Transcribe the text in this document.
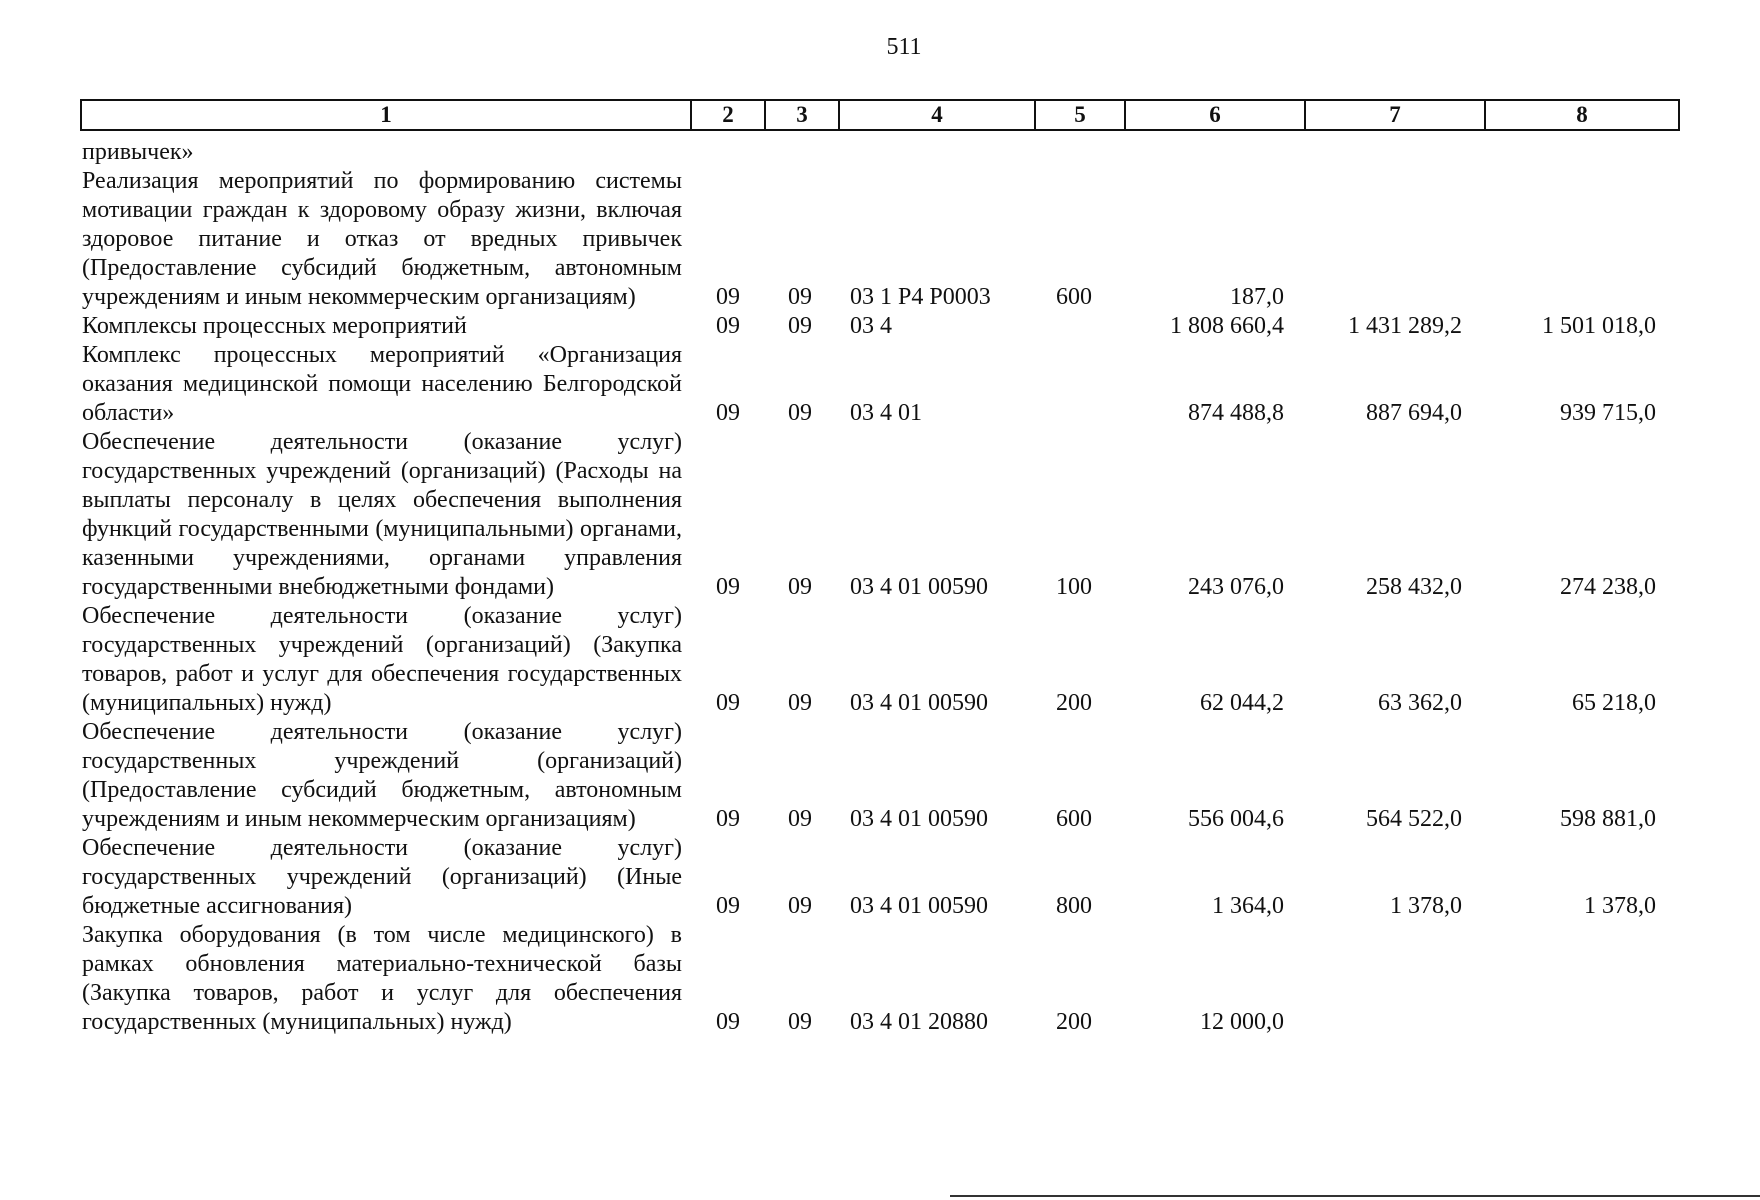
511
1	2	3	4	5	6	7	8
привычек»							
Реализация мероприятий по формированию системы мотивации граждан к здоровому образу жизни, включая здоровое питание и отказ от вредных привычек (Предоставление субсидий бюджетным, автономным учреждениям и иным некоммерческим организациям)	09	09	03 1 Р4 Р0003	600	187,0		
Комплексы процессных мероприятий	09	09	03 4		1 808 660,4	1 431 289,2	1 501 018,0
Комплекс процессных мероприятий «Организация оказания медицинской помощи населению Белгородской области»	09	09	03 4 01		874 488,8	887 694,0	939 715,0
Обеспечение деятельности (оказание услуг) государственных учреждений (организаций) (Расходы на выплаты персоналу в целях обеспечения выполнения функций государственными (муниципальными) органами, казенными учреждениями, органами управления государственными внебюджетными фондами)	09	09	03 4 01 00590	100	243 076,0	258 432,0	274 238,0
Обеспечение деятельности (оказание услуг) государственных учреждений (организаций) (Закупка товаров, работ и услуг для обеспечения государственных (муниципальных) нужд)	09	09	03 4 01 00590	200	62 044,2	63 362,0	65 218,0
Обеспечение деятельности (оказание услуг) государственных учреждений (организаций) (Предоставление субсидий бюджетным, автономным учреждениям и иным некоммерческим организациям)	09	09	03 4 01 00590	600	556 004,6	564 522,0	598 881,0
Обеспечение деятельности (оказание услуг) государственных учреждений (организаций) (Иные бюджетные ассигнования)	09	09	03 4 01 00590	800	1 364,0	1 378,0	1 378,0
Закупка оборудования (в том числе медицинского) в рамках обновления материально-технической базы (Закупка товаров, работ и услуг для обеспечения государственных (муниципальных) нужд)	09	09	03 4 01 20880	200	12 000,0		
